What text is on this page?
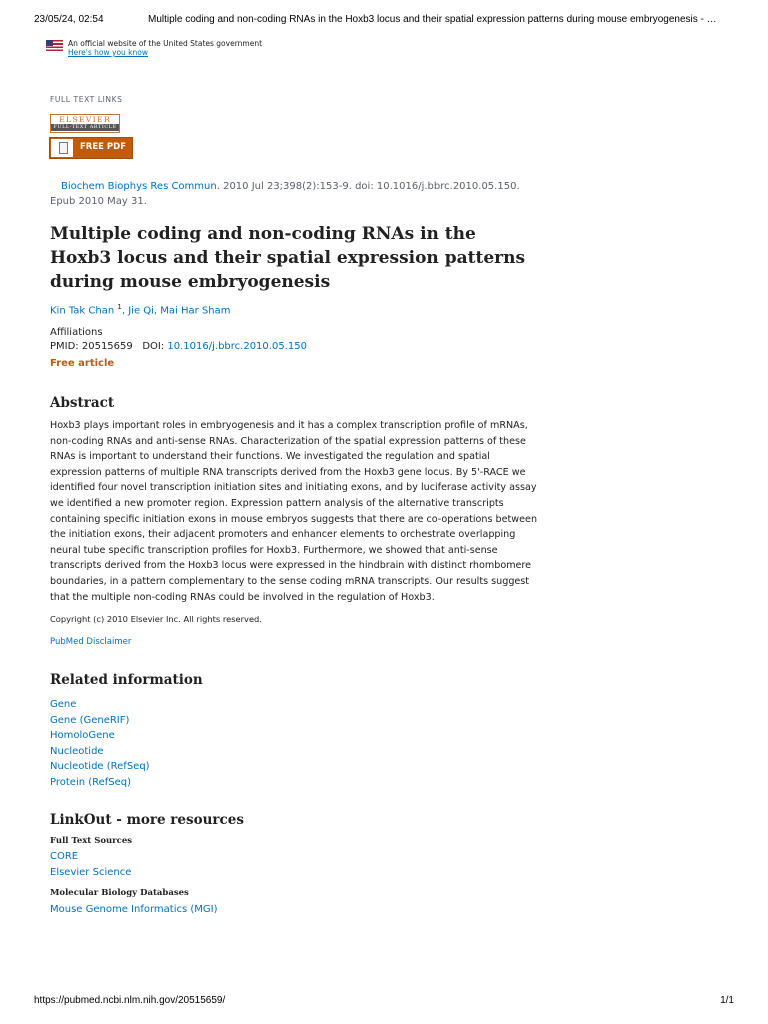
23/05/24, 02:54	Multiple coding and non-coding RNAs in the Hoxb3 locus and their spatial expression patterns during mouse embryogenesis - …
An official website of the United States government
Here's how you know
FULL TEXT LINKS
ELSEVIER
FULL-TEXT ARTICLE
FREE PDF
Biochem Biophys Res Commun. 2010 Jul 23;398(2):153-9. doi: 10.1016/j.bbrc.2010.05.150.
Epub 2010 May 31.
Multiple coding and non-coding RNAs in the Hoxb3 locus and their spatial expression patterns during mouse embryogenesis
Kin Tak Chan $^1$, Jie Qi, Mai Har Sham
Affiliations
PMID: 20515659 DOI: 10.1016/j.bbrc.2010.05.150
Free article
Abstract
Hoxb3 plays important roles in embryogenesis and it has a complex transcription profile of mRNAs, non-coding RNAs and anti-sense RNAs. Characterization of the spatial expression patterns of these RNAs is important to understand their functions. We investigated the regulation and spatial expression patterns of multiple RNA transcripts derived from the Hoxb3 gene locus. By 5'-RACE we identified four novel transcription initiation sites and initiating exons, and by luciferase activity assay we identified a new promoter region. Expression pattern analysis of the alternative transcripts containing specific initiation exons in mouse embryos suggests that there are co-operations between the initiation exons, their adjacent promoters and enhancer elements to orchestrate overlapping neural tube specific transcription profiles for Hoxb3. Furthermore, we showed that anti-sense transcripts derived from the Hoxb3 locus were expressed in the hindbrain with distinct rhombomere boundaries, in a pattern complementary to the sense coding mRNA transcripts. Our results suggest that the multiple non-coding RNAs could be involved in the regulation of Hoxb3.
Copyright (c) 2010 Elsevier Inc. All rights reserved.
PubMed Disclaimer
Related information
Gene
Gene (GeneRIF)
HomoloGene
Nucleotide
Nucleotide (RefSeq)
Protein (RefSeq)
LinkOut - more resources
Full Text Sources
CORE
Elsevier Science
Molecular Biology Databases
Mouse Genome Informatics (MGI)
https://pubmed.ncbi.nlm.nih.gov/20515659/	1/1
